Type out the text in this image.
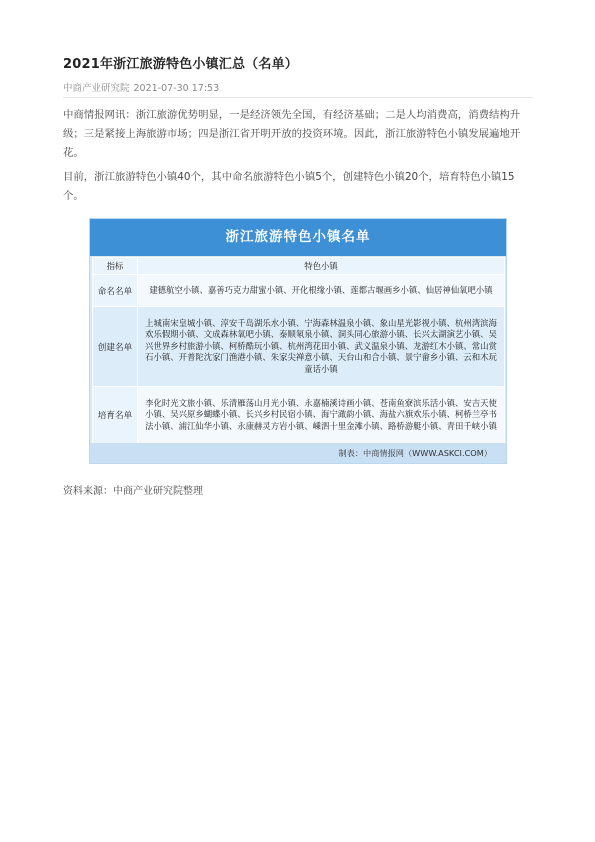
2021年浙江旅游特色小镇汇总（名单）
中商产业研究院 2021-07-30 17:53

中商情报网讯：浙江旅游优势明显，一是经济领先全国，有经济基础；二是人均消费高，消费结构升级；三是紧接上海旅游市场；四是浙江省开明开放的投资环境。因此，浙江旅游特色小镇发展遍地开花。

目前，浙江旅游特色小镇40个，其中命名旅游特色小镇5个，创建特色小镇20个，培育特色小镇15个。

浙江旅游特色小镇名单
指标	特色小镇
命名名单	建德航空小镇、嘉善巧克力甜蜜小镇、开化根缘小镇、莲都古堰画乡小镇、仙居神仙氧吧小镇
创建名单	上城南宋皇城小镇、淳安千岛湖乐水小镇、宁海森林温泉小镇、象山星光影视小镇、杭州湾滨海欢乐假期小镇、文成森林氧吧小镇、泰顺氡泉小镇、洞头同心旅游小镇、长兴太湖演艺小镇、吴兴世界乡村旅游小镇、柯桥酷玩小镇、杭州湾花田小镇、武义温泉小镇、龙游红木小镇、常山赏石小镇、开普陀沈家门渔港小镇、朱家尖禅意小镇、天台山和合小镇、景宁畲乡小镇、云和木玩童话小镇
培育名单	李化时光文旅小镇、乐清雁荡山月光小镇、永嘉楠溪诗画小镇、苍南鱼寮滨乐活小镇、安吉天使小镇、吴兴原乡蝴蝶小镇、长兴乡村民宿小镇、海宁澉韵小镇、海盐六旗欢乐小镇、柯桥兰亭书法小镇、浦江仙华小镇、永康赫灵方岩小镇、嵊泗十里金滩小镇、路桥游艇小镇、青田千峡小镇
制表：中商情报网（WWW.ASKCI.COM）
资料来源：中商产业研究院整理
